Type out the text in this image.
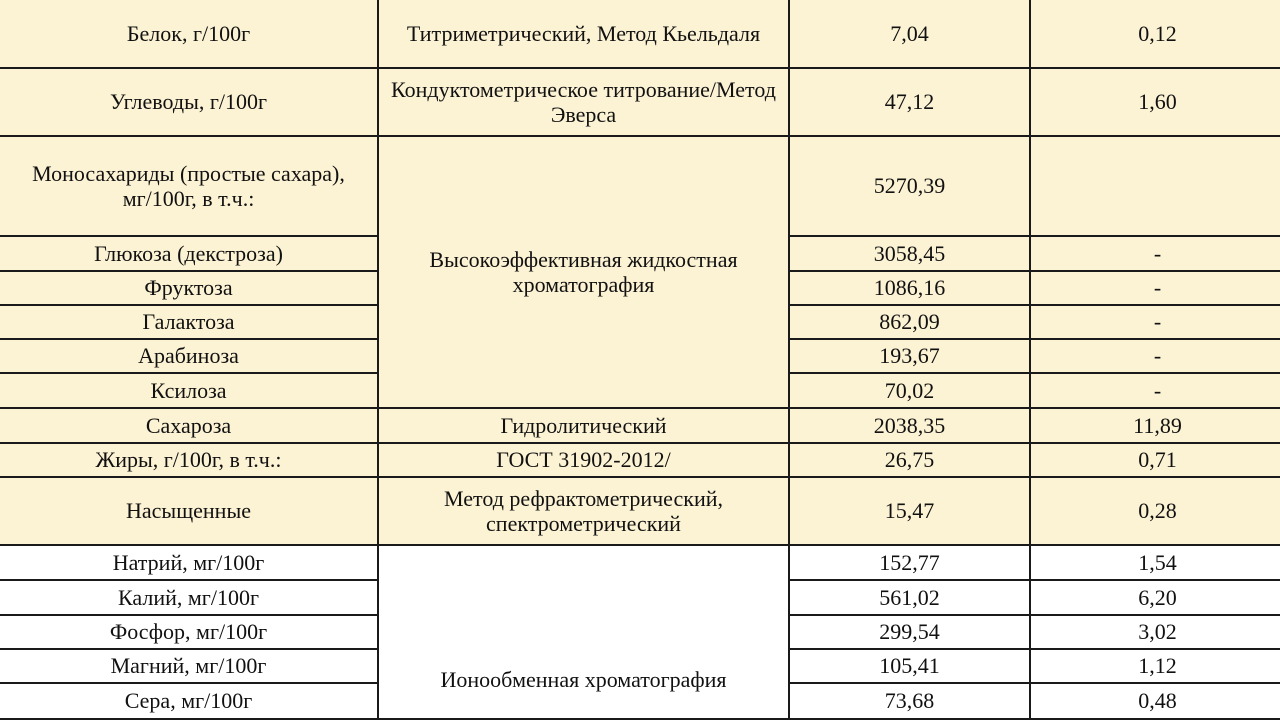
Белок, г/100г	Титриметрический, Метод Кьельдаля	7,04	0,12
Углеводы, г/100г	Кондуктометрическое титрование/Метод Эверса	47,12	1,60
Моносахариды (простые сахара), мг/100г, в т.ч.:	Высокоэффективная жидкостная хроматография	5270,39	
Глюкоза (декстроза)		3058,45	-
Фруктоза		1086,16	-
Галактоза		862,09	-
Арабиноза		193,67	-
Ксилоза		70,02	-
Сахароза	Гидролитический	2038,35	11,89
Жиры, г/100г, в т.ч.:	ГОСТ 31902-2012/	26,75	0,71
Насыщенные	Метод рефрактометрический, спектрометрический	15,47	0,28
Натрий, мг/100г	Ионообменная хроматография	152,77	1,54
Калий, мг/100г		561,02	6,20
Фосфор, мг/100г		299,54	3,02
Магний, мг/100г		105,41	1,12
Сера, мг/100г		73,68	0,48
